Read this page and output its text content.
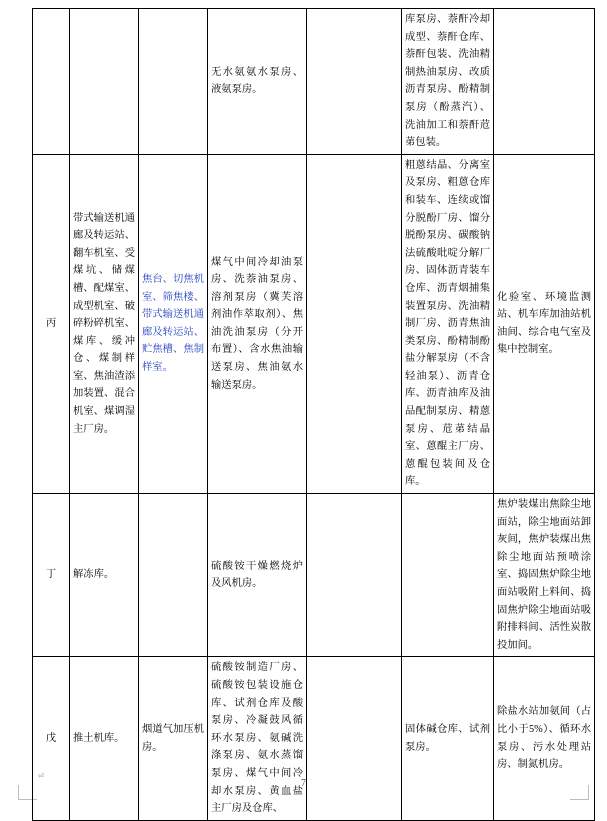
⏎

			无水氨氨水泵房、液氨泵房。		库泵房、萘酐冷却成型、萘酐仓库、萘酐包装、洗油精制热油泵房、改质沥青泵房、酚精制泵房（酚蒸汽）、洗油加工和萘酐苊苐包装。	

丙	带式输送机通廊及转运站、翻车机室、受煤坑、储煤槽、配煤室、成型机室、破碎粉碎机室、煤库、缓冲仓、煤制样室、焦油渣添加装置、混合机室、煤调湿主厂房。	焦台、切焦机室、筛焦楼、带式输送机通廊及转运站、贮焦槽、焦制样室。	煤气中间冷却油泵房、洗萘油泵房、溶剂泵房（冀芙溶剂油作萃取剂）、焦油洗油泵房（分开布置）、含水焦油输送泵房、焦油氨水输送泵房。		粗蒽结晶、分离室及泵房、粗蒽仓库和装车、连续或馏分脱酚厂房、馏分脱酚泵房、碳酸钠法硫酸吡啶分解厂房、固体沥青装车仓库、沥青烟捕集装置泵房、洗油精制厂房、沥青焦油类泵房、酚精制酚盐分解泵房（不含轻油泵）、沥青仓库、沥青油库及油品配制泵房、精蒽泵房、苊苐结晶室、蒽醌主厂房、蒽醌包装间及仓库。	化验室、环境监测站、机车库加油站机油间、综合电气室及集中控制室。

丁	解冻库。		硫酸铵干燥燃烧炉及风机房。			焦炉装煤出焦除尘地面站，除尘地面站卸灰间，焦炉装煤出焦除尘地面站预喷涂室、捣固焦炉除尘地面站吸附上料间、捣固焦炉除尘地面站吸附排料间、活性炭散投加间。

戊	推土机库。	烟道气加压机房。	硫酸铵制造厂房、硫酸铵包装设施仓库、试剂仓库及酸泵房、冷凝鼓风循环水泵房、氨碱洗涤泵房、氨水蒸馏泵房、煤气中间冷却水泵房、黄血盐主厂房及仓库、		固体碱仓库、试剂泵房。	除盐水站加氨间（占比小于5%）、循环水泵房、污水处理站房、制氮机房。
7
